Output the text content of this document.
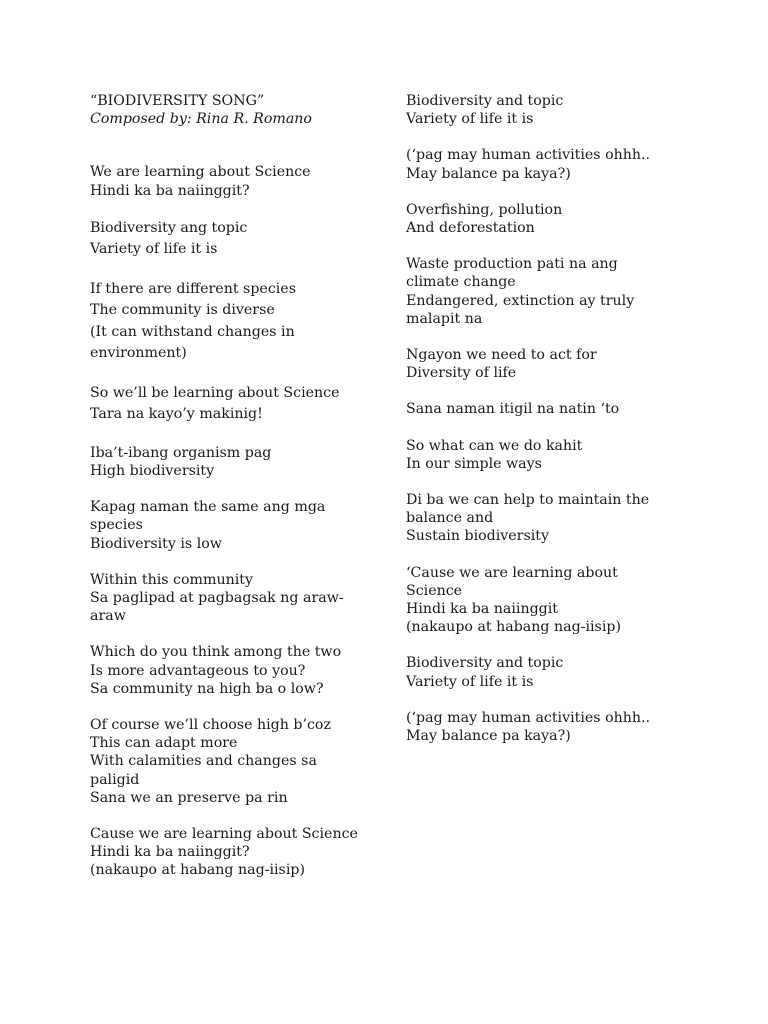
“BIODIVERSITY SONG”
Composed by: Rina R. Romano
We are learning about Science
Hindi ka ba naiinggit?
Biodiversity ang topic
Variety of life it is
If there are different species
The community is diverse
(It can withstand changes in
environment)
So we’ll be learning about Science
Tara na kayo’y makinig!
Iba’t-ibang organism pag
High biodiversity
Kapag naman the same ang mga
species
Biodiversity is low
Within this community
Sa paglipad at pagbagsak ng araw-
araw
Which do you think among the two
Is more advantageous to you?
Sa community na high ba o low?
Of course we’ll choose high b’coz
This can adapt more
With calamities and changes sa
paligid
Sana we an preserve pa rin
Cause we are learning about Science
Hindi ka ba naiinggit?
(nakaupo at habang nag-iisip)
Biodiversity and topic
Variety of life it is
(‘pag may human activities ohhh..
May balance pa kaya?)
Overfishing, pollution
And deforestation
Waste production pati na ang
climate change
Endangered, extinction ay truly
malapit na
Ngayon we need to act for
Diversity of life
Sana naman itigil na natin ‘to
So what can we do kahit
In our simple ways
Di ba we can help to maintain the
balance and
Sustain biodiversity
‘Cause we are learning about
Science
Hindi ka ba naiinggit
(nakaupo at habang nag-iisip)
Biodiversity and topic
Variety of life it is
(‘pag may human activities ohhh..
May balance pa kaya?)
